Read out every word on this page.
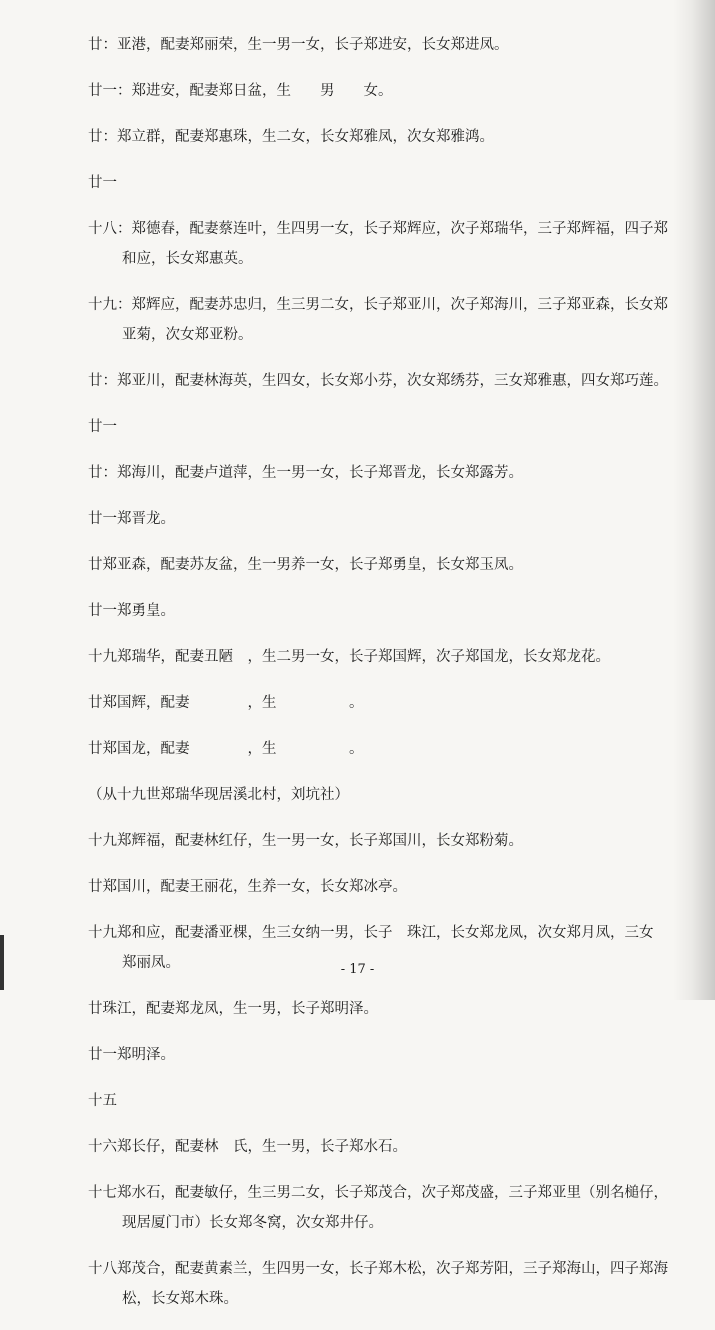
廿：亚港，配妻郑丽荣，生一男一女，长子郑进安，长女郑进凤。
廿一：郑进安，配妻郑日盆，生　　男　　女。
廿：郑立群，配妻郑惠珠，生二女，长女郑雅凤，次女郑雅鸿。
廿一
十八：郑德春，配妻蔡连叶，生四男一女，长子郑辉应，次子郑瑞华，三子郑辉福，四子郑
和应，长女郑惠英。
十九：郑辉应，配妻苏忠归，生三男二女，长子郑亚川，次子郑海川，三子郑亚森，长女郑
亚菊，次女郑亚粉。
廿：郑亚川，配妻林海英，生四女，长女郑小芬，次女郑绣芬，三女郑雅惠，四女郑巧莲。
廿一
廿：郑海川，配妻卢道萍，生一男一女，长子郑晋龙，长女郑露芳。
廿一郑晋龙。
廿郑亚森，配妻苏友盆，生一男养一女，长子郑勇皇，长女郑玉凤。
廿一郑勇皇。
十九郑瑞华，配妻丑陋　，生二男一女，长子郑国辉，次子郑国龙，长女郑龙花。
廿郑国辉，配妻　　　　，生　　　　　。
廿郑国龙，配妻　　　　，生　　　　　。
（从十九世郑瑞华现居溪北村，刘坑社）
十九郑辉福，配妻林红仔，生一男一女，长子郑国川，长女郑粉菊。
廿郑国川，配妻王丽花，生养一女，长女郑冰亭。
十九郑和应，配妻潘亚棵，生三女纳一男，长子　珠江，长女郑龙凤，次女郑月凤，三女
郑丽凤。
廿珠江，配妻郑龙凤，生一男，长子郑明泽。
廿一郑明泽。
十五
十六郑长仔，配妻林　氏，生一男，长子郑水石。
十七郑水石，配妻敏仔，生三男二女，长子郑茂合，次子郑茂盛，三子郑亚里（别名槌仔，
现居厦门市）长女郑冬窝，次女郑井仔。
十八郑茂合，配妻黄素兰，生四男一女，长子郑木松，次子郑芳阳，三子郑海山，四子郑海
松，长女郑木珠。
- 17 -
